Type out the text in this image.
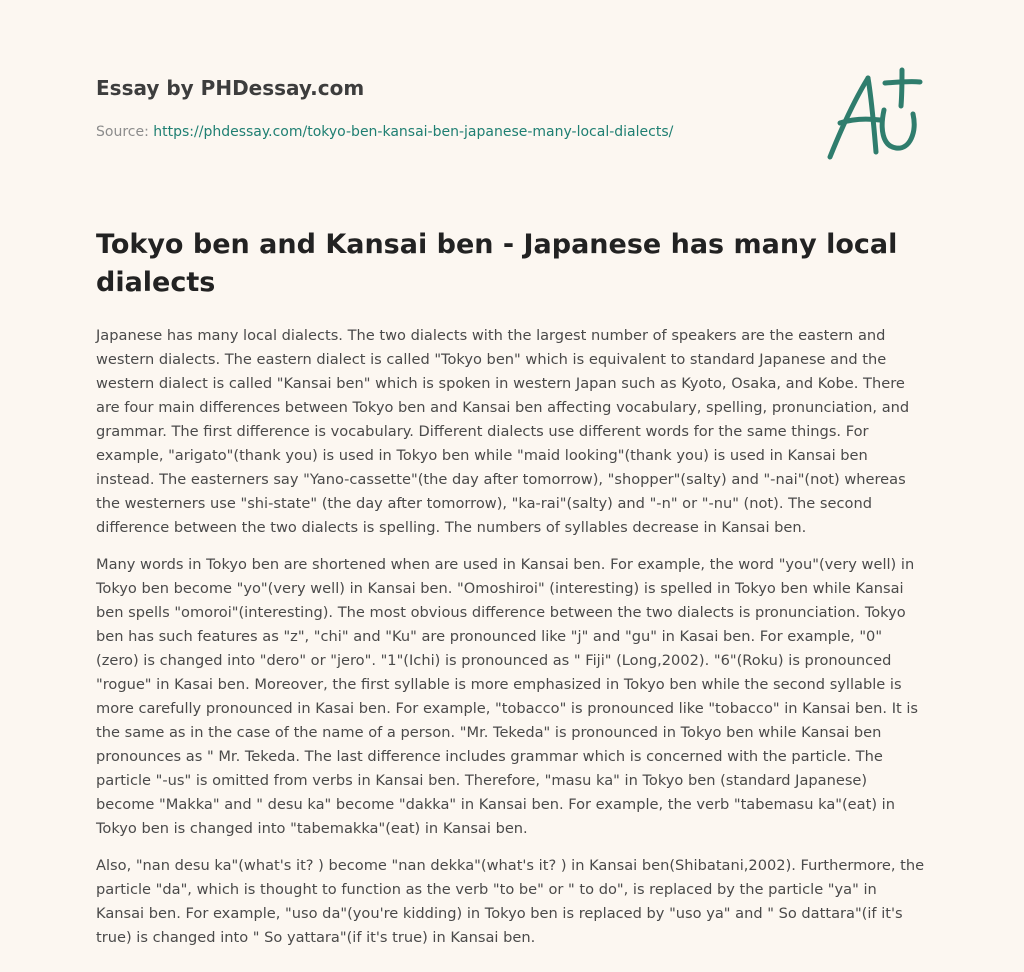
Essay by PHDessay.com

Source: https://phdessay.com/tokyo-ben-kansai-ben-japanese-many-local-dialects/

Tokyo ben and Kansai ben - Japanese has many local dialects

Japanese has many local dialects. The two dialects with the largest number of speakers are the eastern and western dialects. The eastern dialect is called "Tokyo ben" which is equivalent to standard Japanese and the western dialect is called "Kansai ben" which is spoken in western Japan such as Kyoto, Osaka, and Kobe. There are four main differences between Tokyo ben and Kansai ben affecting vocabulary, spelling, pronunciation, and grammar. The first difference is vocabulary. Different dialects use different words for the same things. For example, "arigato"(thank you) is used in Tokyo ben while "maid looking"(thank you) is used in Kansai ben instead. The easterners say "Yano-cassette"(the day after tomorrow), "shopper"(salty) and "-nai"(not) whereas the westerners use "shi-state" (the day after tomorrow), "ka-rai"(salty) and "-n" or "-nu" (not). The second difference between the two dialects is spelling. The numbers of syllables decrease in Kansai ben.

Many words in Tokyo ben are shortened when are used in Kansai ben. For example, the word "you"(very well) in Tokyo ben become "yo"(very well) in Kansai ben. "Omoshiroi" (interesting) is spelled in Tokyo ben while Kansai ben spells "omoroi"(interesting). The most obvious difference between the two dialects is pronunciation. Tokyo ben has such features as "z", "chi" and "Ku" are pronounced like "j" and "gu" in Kasai ben. For example, "0" (zero) is changed into "dero" or "jero". "1"(Ichi) is pronounced as " Fiji" (Long,2002). "6"(Roku) is pronounced "rogue" in Kasai ben. Moreover, the first syllable is more emphasized in Tokyo ben while the second syllable is more carefully pronounced in Kasai ben. For example, "tobacco" is pronounced like "tobacco" in Kansai ben. It is the same as in the case of the name of a person. "Mr. Tekeda" is pronounced in Tokyo ben while Kansai ben pronounces as " Mr. Tekeda. The last difference includes grammar which is concerned with the particle. The particle "-us" is omitted from verbs in Kansai ben. Therefore, "masu ka" in Tokyo ben (standard Japanese) become "Makka" and " desu ka" become "dakka" in Kansai ben. For example, the verb "tabemasu ka"(eat) in Tokyo ben is changed into "tabemakka"(eat) in Kansai ben.

Also, "nan desu ka"(what's it? ) become "nan dekka"(what's it? ) in Kansai ben(Shibatani,2002). Furthermore, the particle "da", which is thought to function as the verb "to be" or " to do", is replaced by the particle "ya" in Kansai ben. For example, "uso da"(you're kidding) in Tokyo ben is replaced by "uso ya" and " So dattara"(if it's true) is changed into " So yattara"(if it's true) in Kansai ben.
